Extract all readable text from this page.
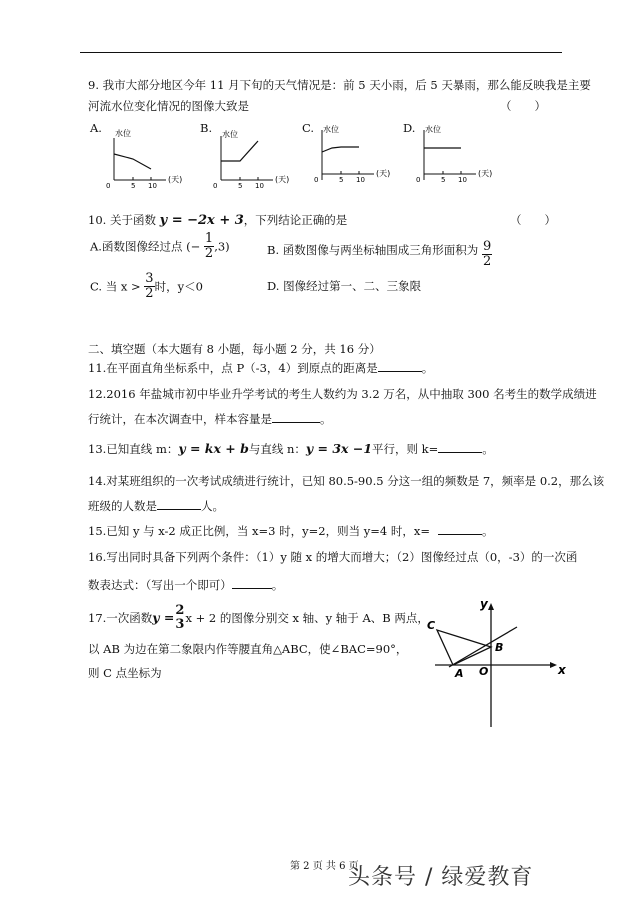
9. 我市大部分地区今年 11 月下旬的天气情况是：前 5 天小雨，后 5 天暴雨，那么能反映我是主要
河流水位变化情况的图像大致是	（　　）
A.	B.	C.	D.
水位
(天)
0	5 10
水位
(天)
0	5 10
水位
(天)
0	5 10
水位
(天)
0	5 10
10. 关于函数 y = −2x + 3，下列结论正确的是	（　　）
A.函数图像经过点 (− $\frac{1}{2} ,3$)	B. 函数图像与两坐标轴围成三角形面积为 $\frac{9}{2}$
C. 当 $x > \frac{3}{2}$ 时，y＜0	D. 图像经过第一、二、三象限
二、填空题（本大题有 8 小题，每小题 2 分，共 16 分）
11.在平面直角坐标系中，点 P（-3，4）到原点的距离是	。
12.2016 年盐城市初中毕业升学考试的考生人数约为 3.2 万名，从中抽取 300 名考生的数学成绩进
行统计，在本次调查中，样本容量是	。
13.已知直线 m：y = kx + b与直线 n：y = 3x −1平行，则 k=	。
14.对某班组织的一次考试成绩进行统计，已知 80.5-90.5 分这一组的频数是 7，频率是 0.2，那么该
班级的人数是	人。
15.已知 y 与 x-2 成正比例，当 x=3 时，y=2，则当 y=4 时，x=	。
16.写出同时具备下列两个条件：（1）y 随 x 的增大而增大；（2）图像经过点（0，-3）的一次函
数表达式：（写出一个即可）	。
17.一次函数y = 2
3 x + 2 的图像分别交 x 轴、y 轴于 A、B 两点，
以 AB 为边在第二象限内作等腰直角△ABC，使∠BAC=90°，
则 C 点坐标为
y
x
C
A
B
O
第 2 页 共 6 页
头条号 / 绿爱教育
